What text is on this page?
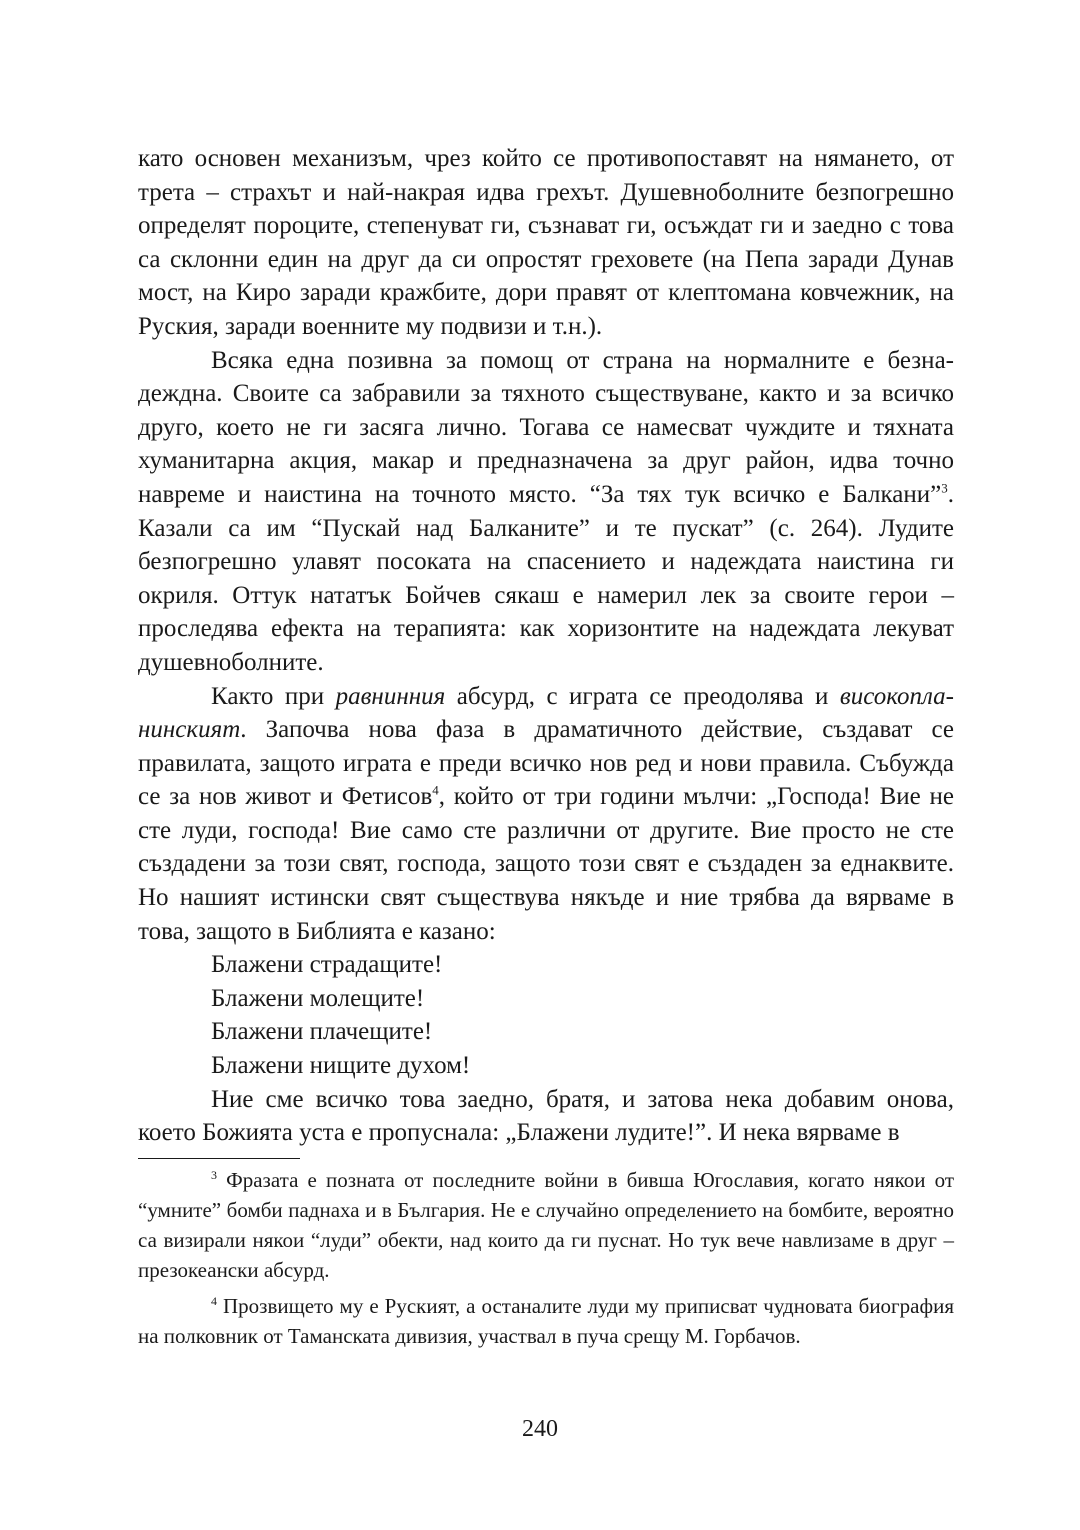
като основен механизъм, чрез който се противопоставят на нямането, от трета – страхът и най-накрая идва грехът. Душевноболните безпогрешно определят пороците, степенуват ги, съзнават ги, осъждат ги и заедно с това са склонни един на друг да си опростят греховете (на Пепа заради Дунав мост, на Киро заради кражбите, дори правят от клептомана ковчежник, на Руския, заради военните му подвизи и т.н.).

Всяка една позивна за помощ от страна на нормалните е безнадеждна. Своите са забравили за тяхното съществуване, както и за всичко друго, което не ги засяга лично. Тогава се намесват чуждите и тяхната хуманитарна акция, макар и предназначена за друг район, идва точно навреме и наистина на точното място. “За тях тук всичко е Балкани”$^3$. Казали са им “Пускай над Балканите” и те пускат” (с. 264). Лудите безпогрешно улавят посоката на спасението и надеждата наистина ги окриля. Оттук нататък Бойчев сякаш е намерил лек за своите герои – проследява ефекта на терапията: как хоризонтите на надеждата лекуват душевноболните.

Както при равнинния абсурд, с играта се преодолява и високопланинският. Започва нова фаза в драматичното действие, създават се правилата, защото играта е преди всичко нов ред и нови правила. Събужда се за нов живот и Фетисов$^4$, който от три години мълчи: „Господа! Вие не сте луди, господа! Вие само сте различни от другите. Вие просто не сте създадени за този свят, господа, защото този свят е създаден за еднаквите. Но нашият истински свят съществува някъде и ние трябва да вярваме в това, защото в Библията е казано:

Блажени страдащите!

Блажени молещите!

Блажени плачещите!

Блажени нищите духом!

Ние сме всичко това заедно, братя, и затова нека добавим онова, което Божията уста е пропуснала: „Блажени лудите!”. И нека вярваме в

$^3$ Фразата е позната от последните войни в бивша Югославия, когато някои от “умните” бомби паднаха и в България. Не е случайно определението на бомбите, вероятно са визирали някои “луди” обекти, над които да ги пуснат. Но тук вече навлизаме в друг – презокеански абсурд.

$^4$ Прозвището му е Руският, а останалите луди му приписват чудновата биография на полковник от Таманската дивизия, участвал в пуча срещу М. Горбачов.

240
